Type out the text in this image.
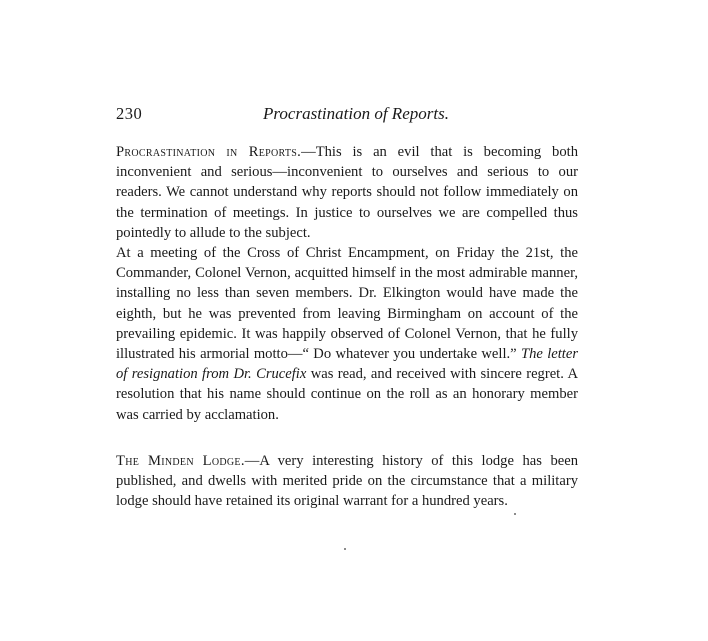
230	Procrastination of Reports.

Procrastination in Reports.—This is an evil that is becoming both inconvenient and serious—inconvenient to ourselves and serious to our readers. We cannot understand why reports should not follow immediately on the termination of meetings. In justice to ourselves we are compelled thus pointedly to allude to the subject.

At a meeting of the Cross of Christ Encampment, on Friday the 21st, the Commander, Colonel Vernon, acquitted himself in the most admirable manner, installing no less than seven members. Dr. Elkington would have made the eighth, but he was prevented from leaving Birmingham on account of the prevailing epidemic. It was happily observed of Colonel Vernon, that he fully illustrated his armorial motto—“ Do whatever you undertake well.” The letter of resignation from Dr. Crucefix was read, and received with sincere regret. A resolution that his name should continue on the roll as an honorary member was carried by acclamation.

The Minden Lodge.—A very interesting history of this lodge has been published, and dwells with merited pride on the circumstance that a military lodge should have retained its original warrant for a hundred years.
